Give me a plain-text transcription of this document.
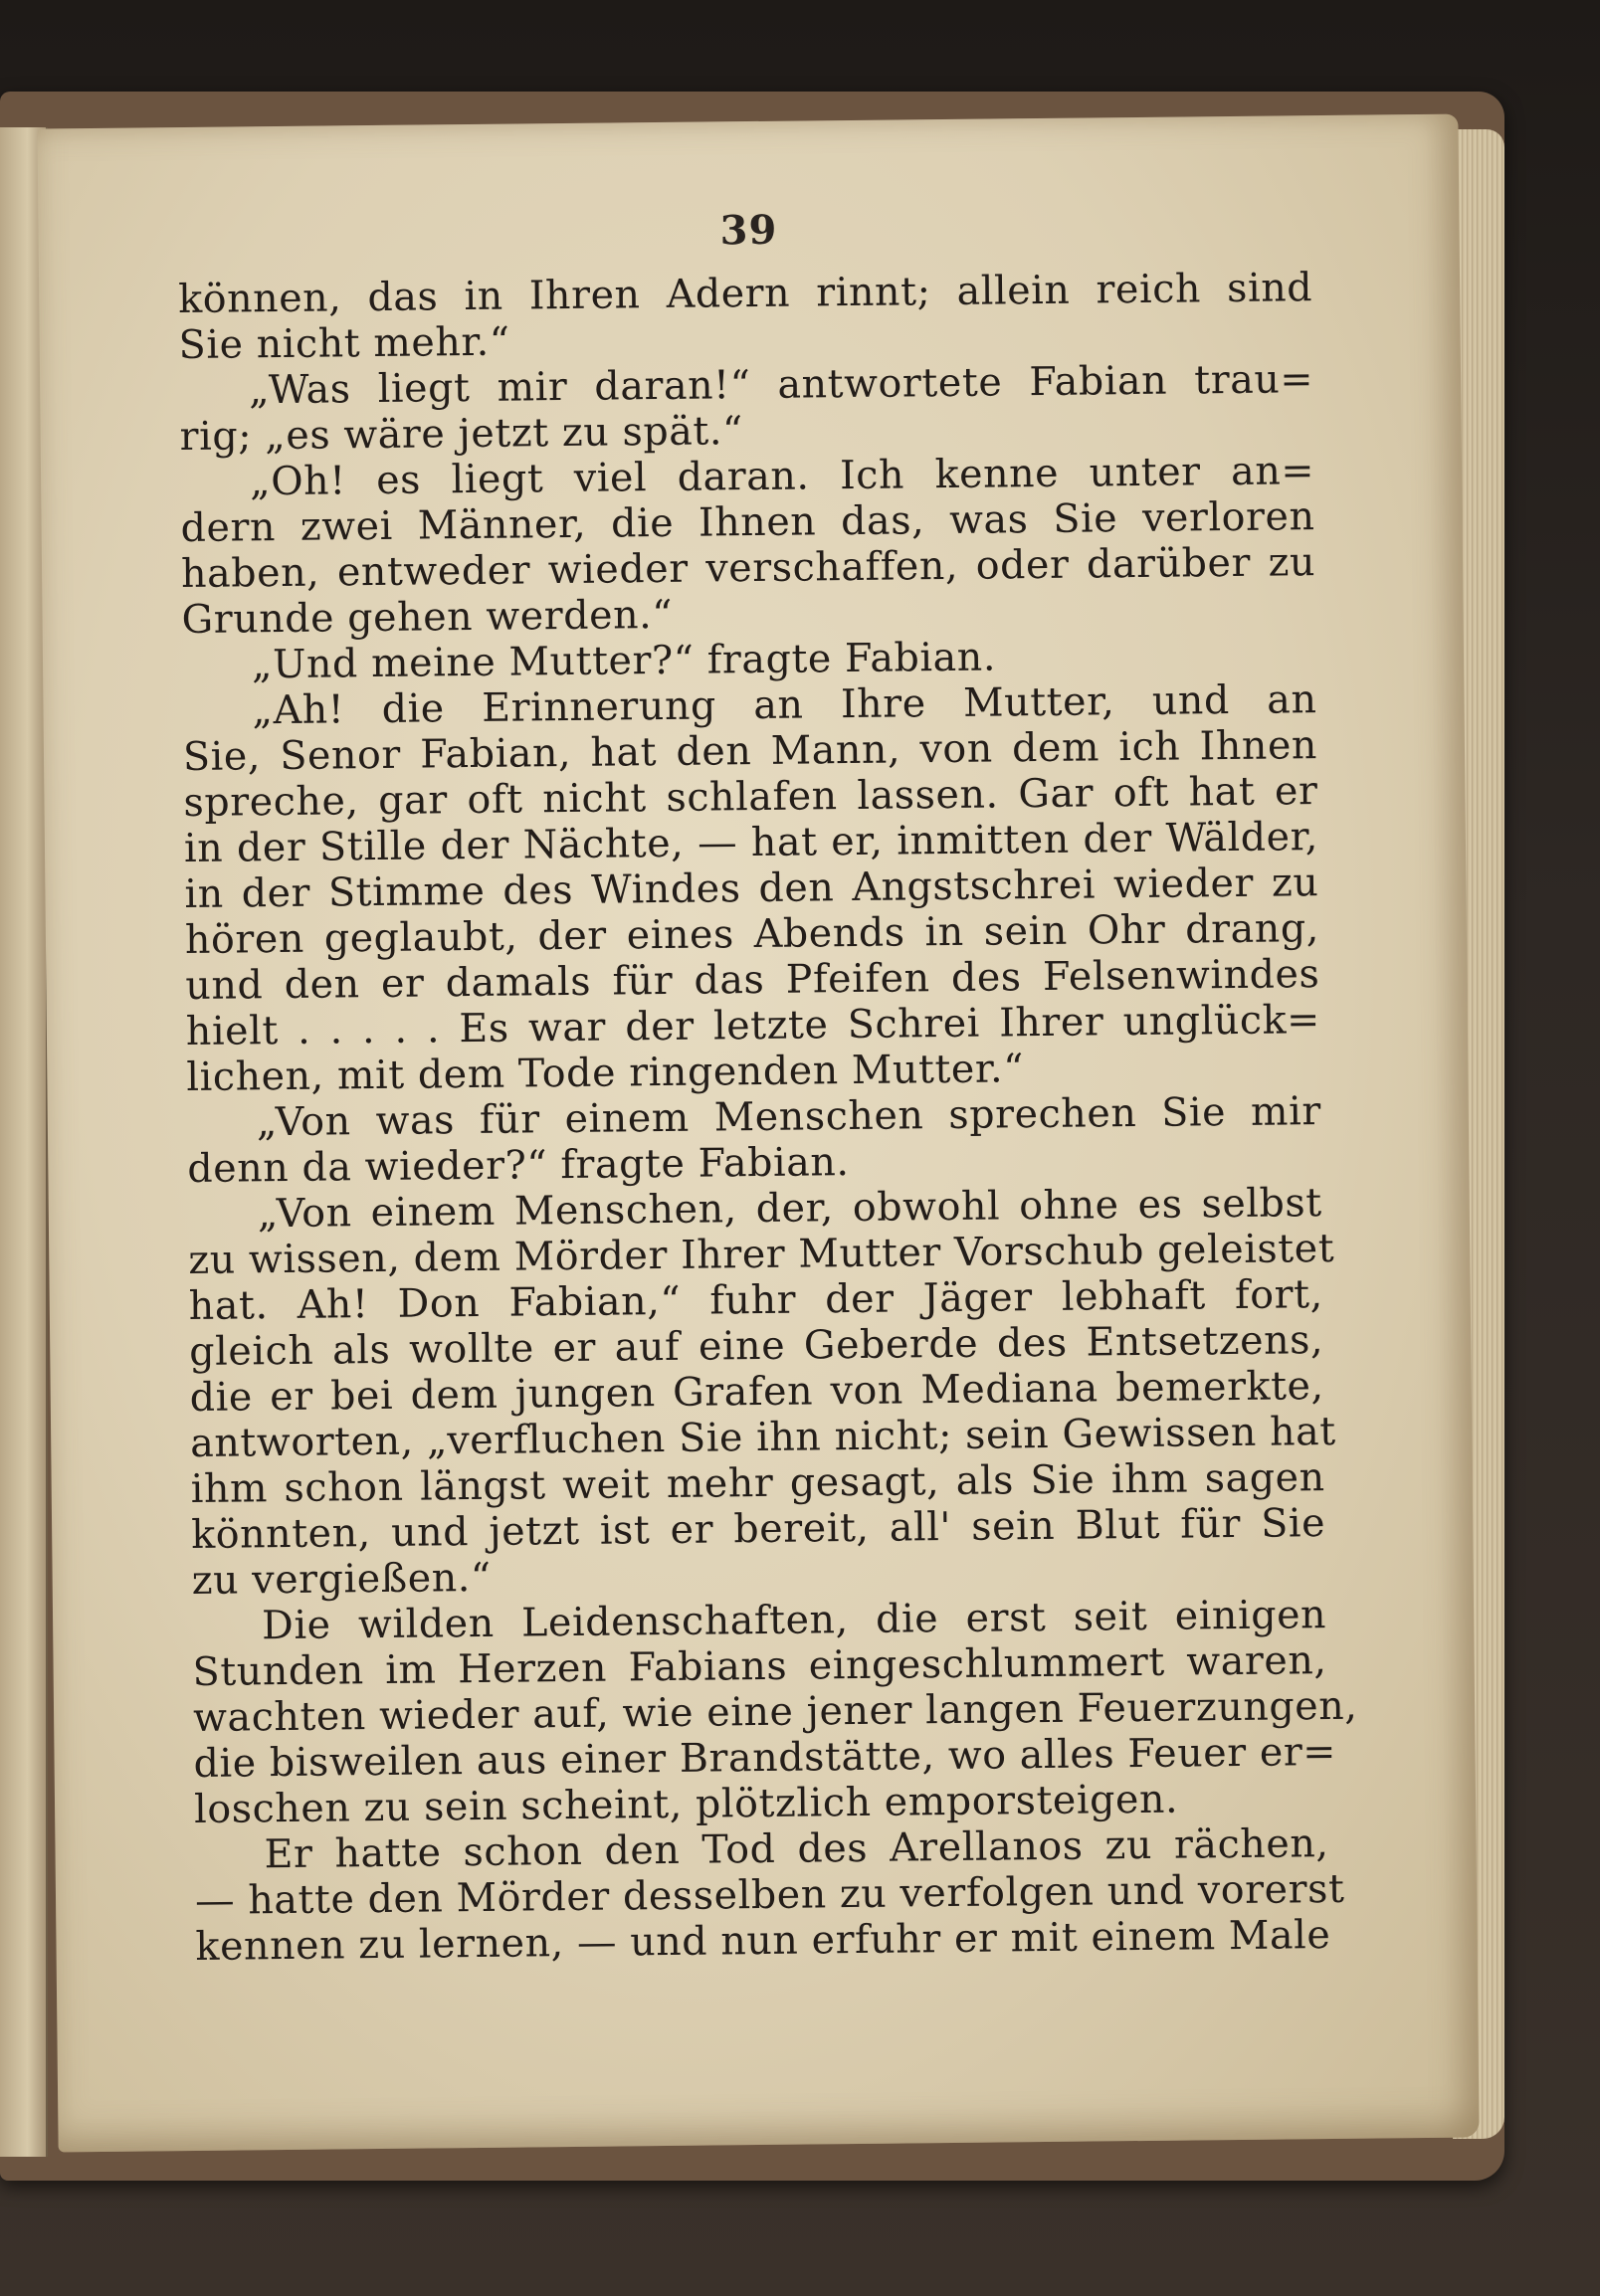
39
können, das in Ihren Adern rinnt; allein reich sind
Sie nicht mehr.“
„Was liegt mir daran!“ antwortete Fabian trau=
rig; „es wäre jetzt zu spät.“
„Oh! es liegt viel daran. Ich kenne unter an=
dern zwei Männer, die Ihnen das, was Sie verloren
haben, entweder wieder verschaffen, oder darüber zu
Grunde gehen werden.“
„Und meine Mutter?“ fragte Fabian.
„Ah! die Erinnerung an Ihre Mutter, und an
Sie, Senor Fabian, hat den Mann, von dem ich Ihnen
spreche, gar oft nicht schlafen lassen. Gar oft hat er
in der Stille der Nächte, — hat er, inmitten der Wälder,
in der Stimme des Windes den Angstschrei wieder zu
hören geglaubt, der eines Abends in sein Ohr drang,
und den er damals für das Pfeifen des Felsenwindes
hielt . . . . . Es war der letzte Schrei Ihrer unglück=
lichen, mit dem Tode ringenden Mutter.“
„Von was für einem Menschen sprechen Sie mir
denn da wieder?“ fragte Fabian.
„Von einem Menschen, der, obwohl ohne es selbst
zu wissen, dem Mörder Ihrer Mutter Vorschub geleistet
hat. Ah! Don Fabian,“ fuhr der Jäger lebhaft fort,
gleich als wollte er auf eine Geberde des Entsetzens,
die er bei dem jungen Grafen von Mediana bemerkte,
antworten, „verfluchen Sie ihn nicht; sein Gewissen hat
ihm schon längst weit mehr gesagt, als Sie ihm sagen
könnten, und jetzt ist er bereit, all' sein Blut für Sie
zu vergießen.“
Die wilden Leidenschaften, die erst seit einigen
Stunden im Herzen Fabians eingeschlummert waren,
wachten wieder auf, wie eine jener langen Feuerzungen,
die bisweilen aus einer Brandstätte, wo alles Feuer er=
loschen zu sein scheint, plötzlich emporsteigen.
Er hatte schon den Tod des Arellanos zu rächen,
— hatte den Mörder desselben zu verfolgen und vorerst
kennen zu lernen, — und nun erfuhr er mit einem Male
